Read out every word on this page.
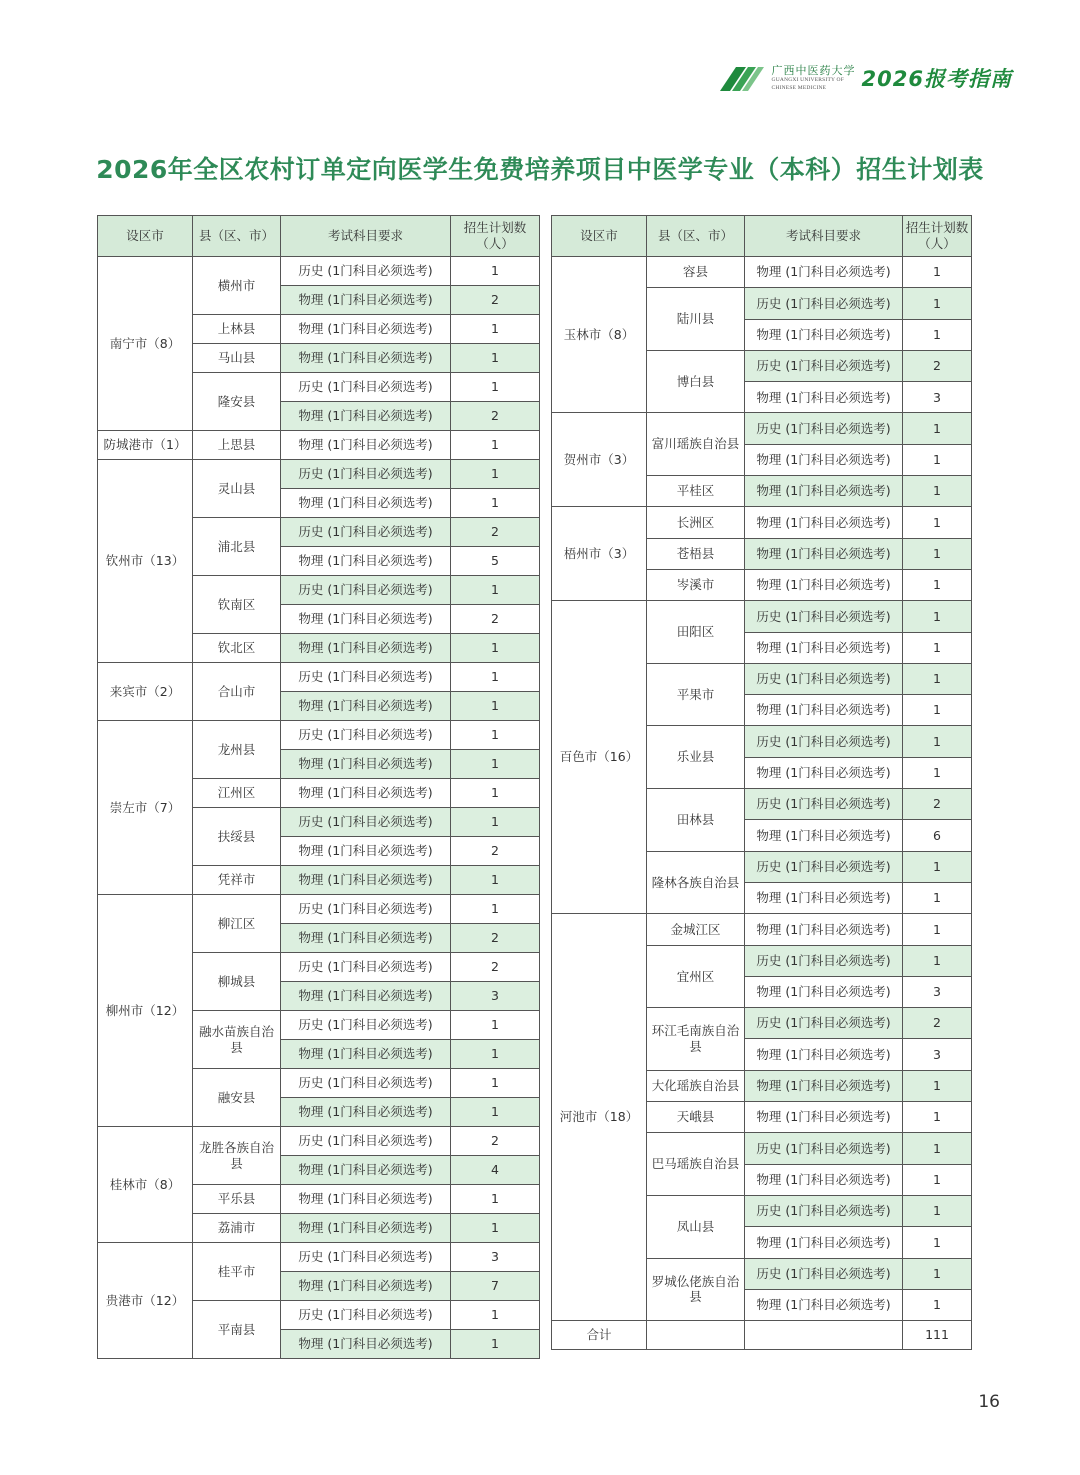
广西中医药大学
GUANGXI UNIVERSITY OF
CHINESE MEDICINE	2026报考指南
2026年全区农村订单定向医学生免费培养项目中医学专业（本科）招生计划表
设区市	县（区、市）	考试科目要求	招生计划数（人）
南宁市（8）	横州市	历史 (1门科目必须选考)	1
		物理 (1门科目必须选考)	2
	上林县	物理 (1门科目必须选考)	1
	马山县	物理 (1门科目必须选考)	1
	隆安县	历史 (1门科目必须选考)	1
		物理 (1门科目必须选考)	2
防城港市（1）	上思县	物理 (1门科目必须选考)	1
钦州市（13）	灵山县	历史 (1门科目必须选考)	1
		物理 (1门科目必须选考)	1
	浦北县	历史 (1门科目必须选考)	2
		物理 (1门科目必须选考)	5
	钦南区	历史 (1门科目必须选考)	1
		物理 (1门科目必须选考)	2
	钦北区	物理 (1门科目必须选考)	1
来宾市（2）	合山市	历史 (1门科目必须选考)	1
		物理 (1门科目必须选考)	1
崇左市（7）	龙州县	历史 (1门科目必须选考)	1
		物理 (1门科目必须选考)	1
	江州区	物理 (1门科目必须选考)	1
	扶绥县	历史 (1门科目必须选考)	1
		物理 (1门科目必须选考)	2
	凭祥市	物理 (1门科目必须选考)	1
柳州市（12）	柳江区	历史 (1门科目必须选考)	1
		物理 (1门科目必须选考)	2
	柳城县	历史 (1门科目必须选考)	2
		物理 (1门科目必须选考)	3
	融水苗族自治县	历史 (1门科目必须选考)	1
		物理 (1门科目必须选考)	1
	融安县	历史 (1门科目必须选考)	1
		物理 (1门科目必须选考)	1
桂林市（8）	龙胜各族自治县	历史 (1门科目必须选考)	2
		物理 (1门科目必须选考)	4
	平乐县	物理 (1门科目必须选考)	1
	荔浦市	物理 (1门科目必须选考)	1
贵港市（12）	桂平市	历史 (1门科目必须选考)	3
		物理 (1门科目必须选考)	7
	平南县	历史 (1门科目必须选考)	1
		物理 (1门科目必须选考)	1
设区市	县（区、市）	考试科目要求	招生计划数（人）
玉林市（8）	容县	物理 (1门科目必须选考)	1
	陆川县	历史 (1门科目必须选考)	1
		物理 (1门科目必须选考)	1
	博白县	历史 (1门科目必须选考)	2
		物理 (1门科目必须选考)	3
贺州市（3）	富川瑶族自治县	历史 (1门科目必须选考)	1
		物理 (1门科目必须选考)	1
	平桂区	物理 (1门科目必须选考)	1
梧州市（3）	长洲区	物理 (1门科目必须选考)	1
	苍梧县	物理 (1门科目必须选考)	1
	岑溪市	物理 (1门科目必须选考)	1
百色市（16）	田阳区	历史 (1门科目必须选考)	1
		物理 (1门科目必须选考)	1
	平果市	历史 (1门科目必须选考)	1
		物理 (1门科目必须选考)	1
	乐业县	历史 (1门科目必须选考)	1
		物理 (1门科目必须选考)	1
	田林县	历史 (1门科目必须选考)	2
		物理 (1门科目必须选考)	6
	隆林各族自治县	历史 (1门科目必须选考)	1
		物理 (1门科目必须选考)	1
河池市（18）	金城江区	物理 (1门科目必须选考)	1
	宜州区	历史 (1门科目必须选考)	1
		物理 (1门科目必须选考)	3
	环江毛南族自治县	历史 (1门科目必须选考)	2
		物理 (1门科目必须选考)	3
	大化瑶族自治县	物理 (1门科目必须选考)	1
	天峨县	物理 (1门科目必须选考)	1
	巴马瑶族自治县	历史 (1门科目必须选考)	1
		物理 (1门科目必须选考)	1
	凤山县	历史 (1门科目必须选考)	1
		物理 (1门科目必须选考)	1
	罗城仫佬族自治县	历史 (1门科目必须选考)	1
		物理 (1门科目必须选考)	1
合计			111
16
